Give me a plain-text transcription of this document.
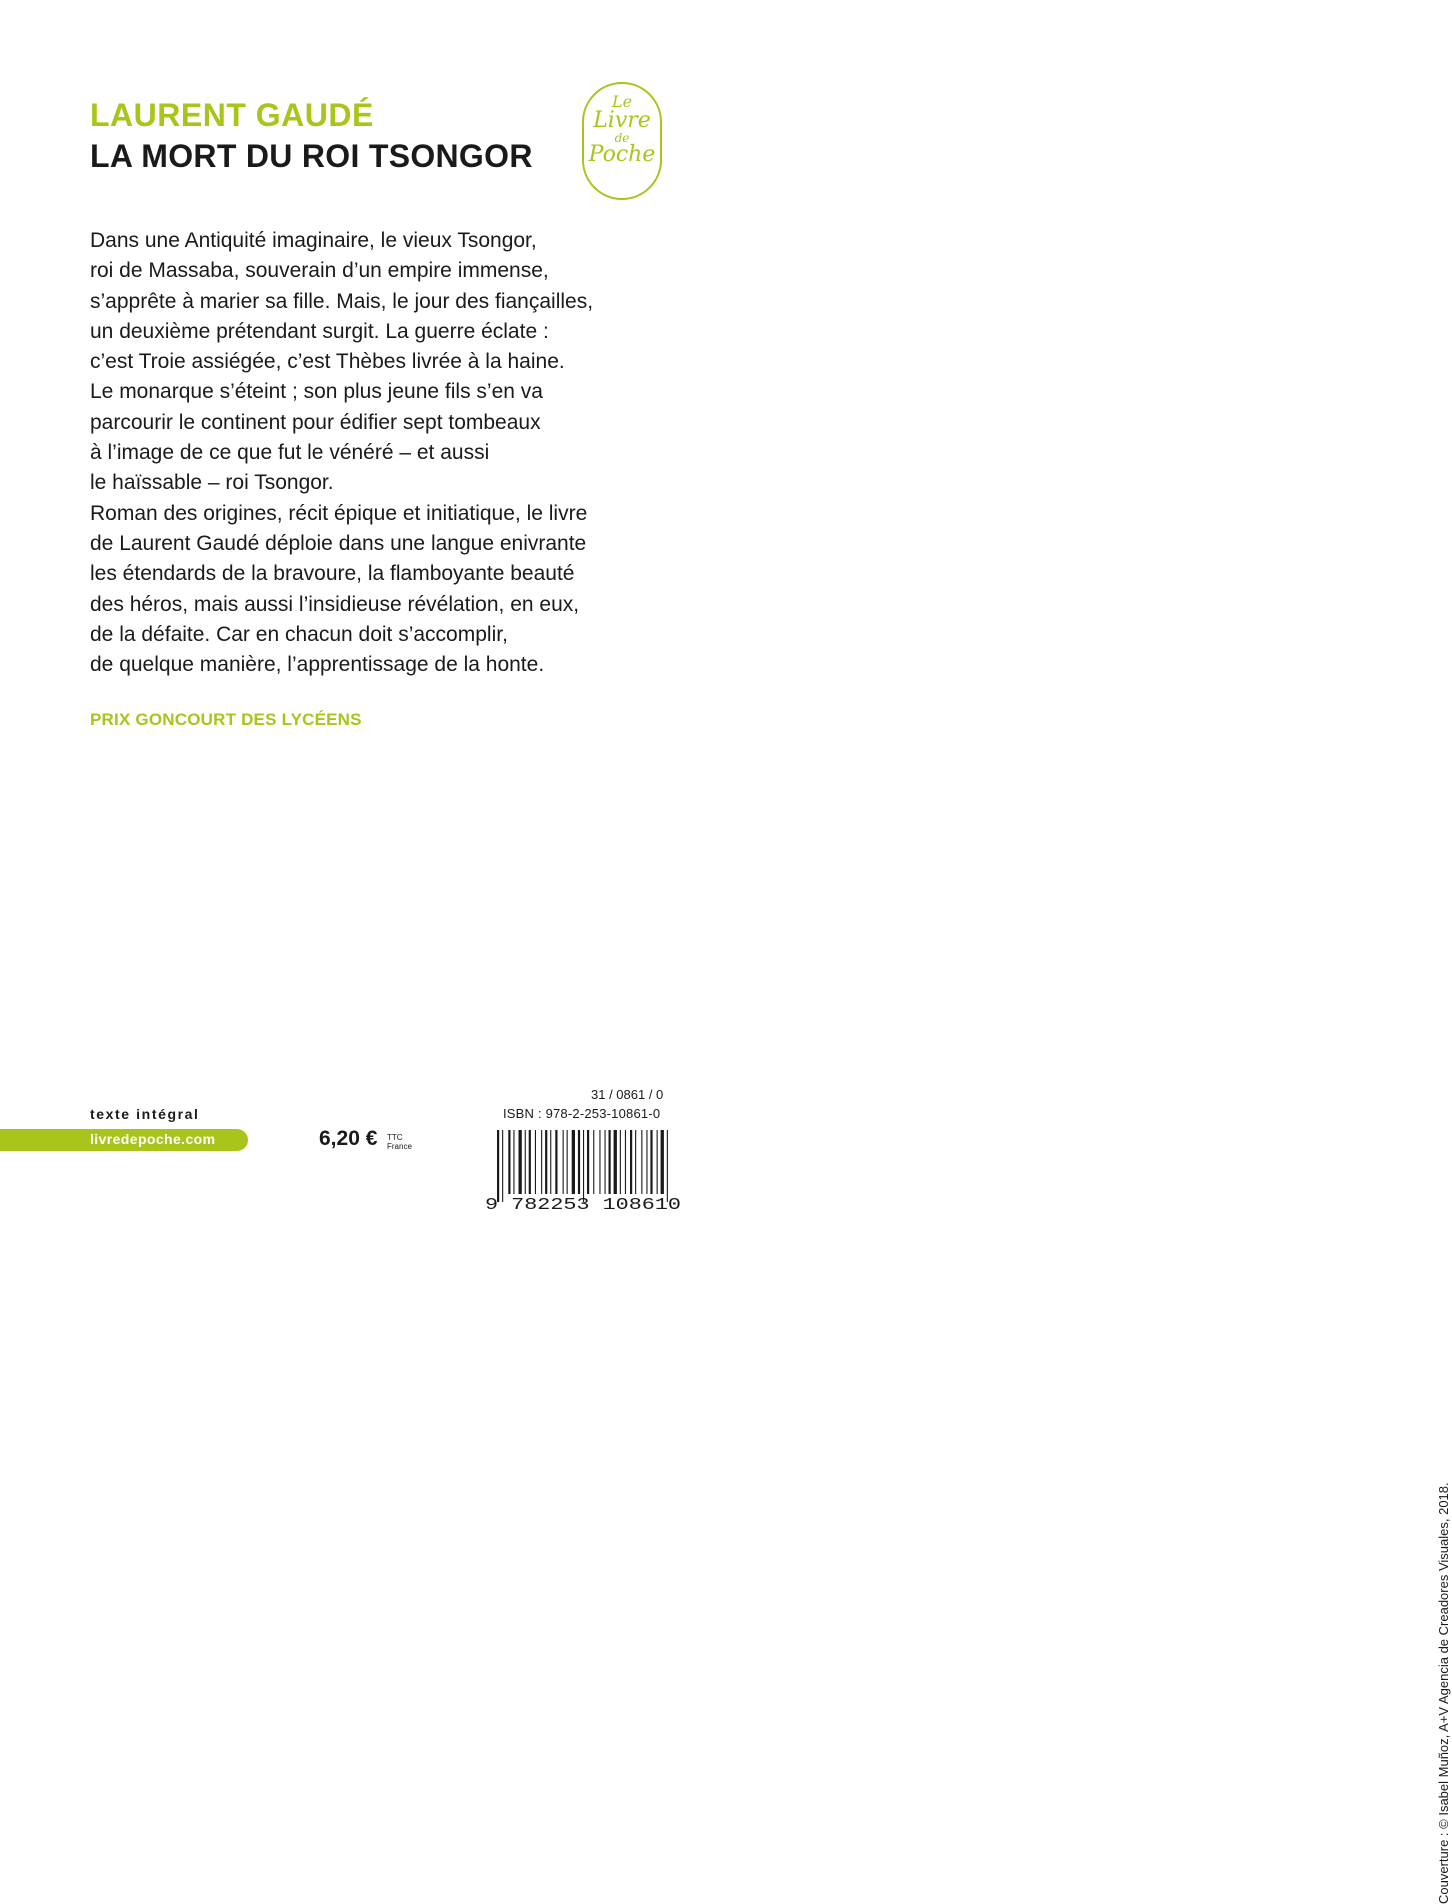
LAURENT GAUDÉ
LA MORT DU ROI TSONGOR
Le
Livre
de
Poche
Dans une Antiquité imaginaire, le vieux Tsongor,
roi de Massaba, souverain d’un empire immense,
s’apprête à marier sa fille. Mais, le jour des fiançailles,
un deuxième prétendant surgit. La guerre éclate :
c’est Troie assiégée, c’est Thèbes livrée à la haine.
Le monarque s’éteint ; son plus jeune fils s’en va
parcourir le continent pour édifier sept tombeaux
à l’image de ce que fut le vénéré – et aussi
le haïssable – roi Tsongor.
Roman des origines, récit épique et initiatique, le livre
de Laurent Gaudé déploie dans une langue enivrante
les étendards de la bravoure, la flamboyante beauté
des héros, mais aussi l’insidieuse révélation, en eux,
de la défaite. Car en chacun doit s’accomplir,
de quelque manière, l’apprentissage de la honte.
PRIX GONCOURT DES LYCÉENS
Couverture : © Isabel Muñoz, A+V Agencia de Creadores Visuales, 2018.
texte intégral
livredepoche.com	6,20 € TTC
France
31 / 0861 / 0
ISBN : 978-2-253-10861-0
9 782253 108610
